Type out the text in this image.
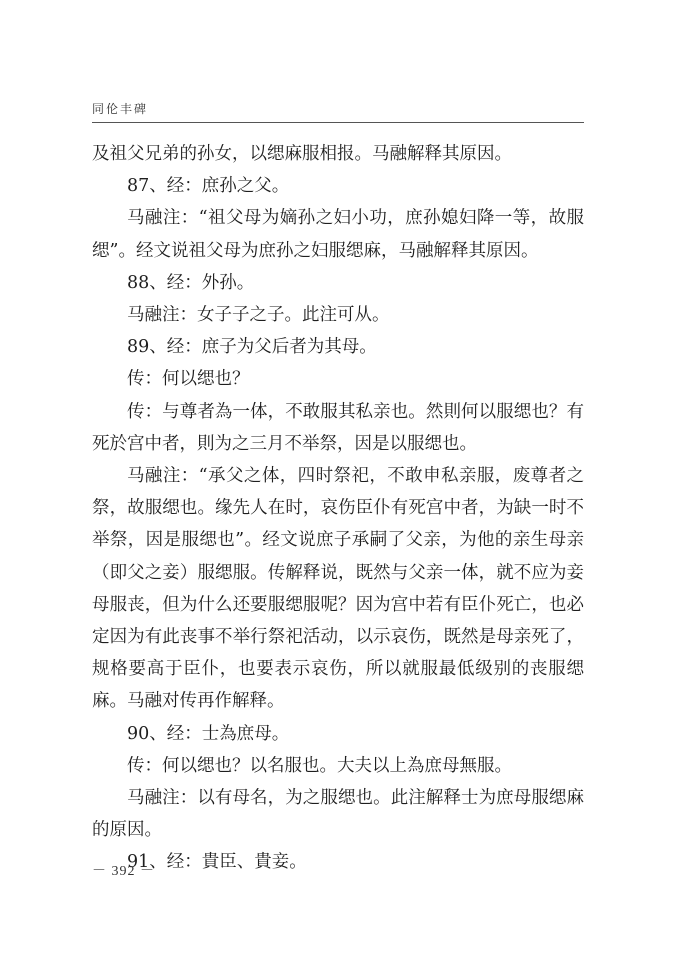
同伦丰碑

及祖父兄弟的孙女，以缌麻服相报。马融解释其原因。

87、经：庶孙之父。

马融注：“祖父母为嫡孙之妇小功，庶孙媳妇降一等，故服缌”。经文说祖父母为庶孙之妇服缌麻，马融解释其原因。

88、经：外孙。

马融注：女子子之子。此注可从。

89、经：庶子为父后者为其母。

传：何以缌也？

传：与尊者為一体，不敢服其私亲也。然則何以服缌也？有死於宫中者，則为之三月不举祭，因是以服缌也。

马融注：“承父之体，四时祭祀，不敢申私亲服，废尊者之祭，故服缌也。缘先人在时，哀伤臣仆有死宫中者，为缺一时不举祭，因是服缌也”。经文说庶子承嗣了父亲，为他的亲生母亲（即父之妾）服缌服。传解释说，既然与父亲一体，就不应为妾母服丧，但为什么还要服缌服呢？因为宫中若有臣仆死亡，也必定因为有此丧事不举行祭祀活动，以示哀伤，既然是母亲死了，规格要高于臣仆，也要表示哀伤，所以就服最低级别的丧服缌麻。马融对传再作解释。

90、经：士為庶母。

传：何以缌也？以名服也。大夫以上為庶母無服。

马融注：以有母名，为之服缌也。此注解释士为庶母服缌麻的原因。

91、经：貴臣、貴妾。

－ 392 －
